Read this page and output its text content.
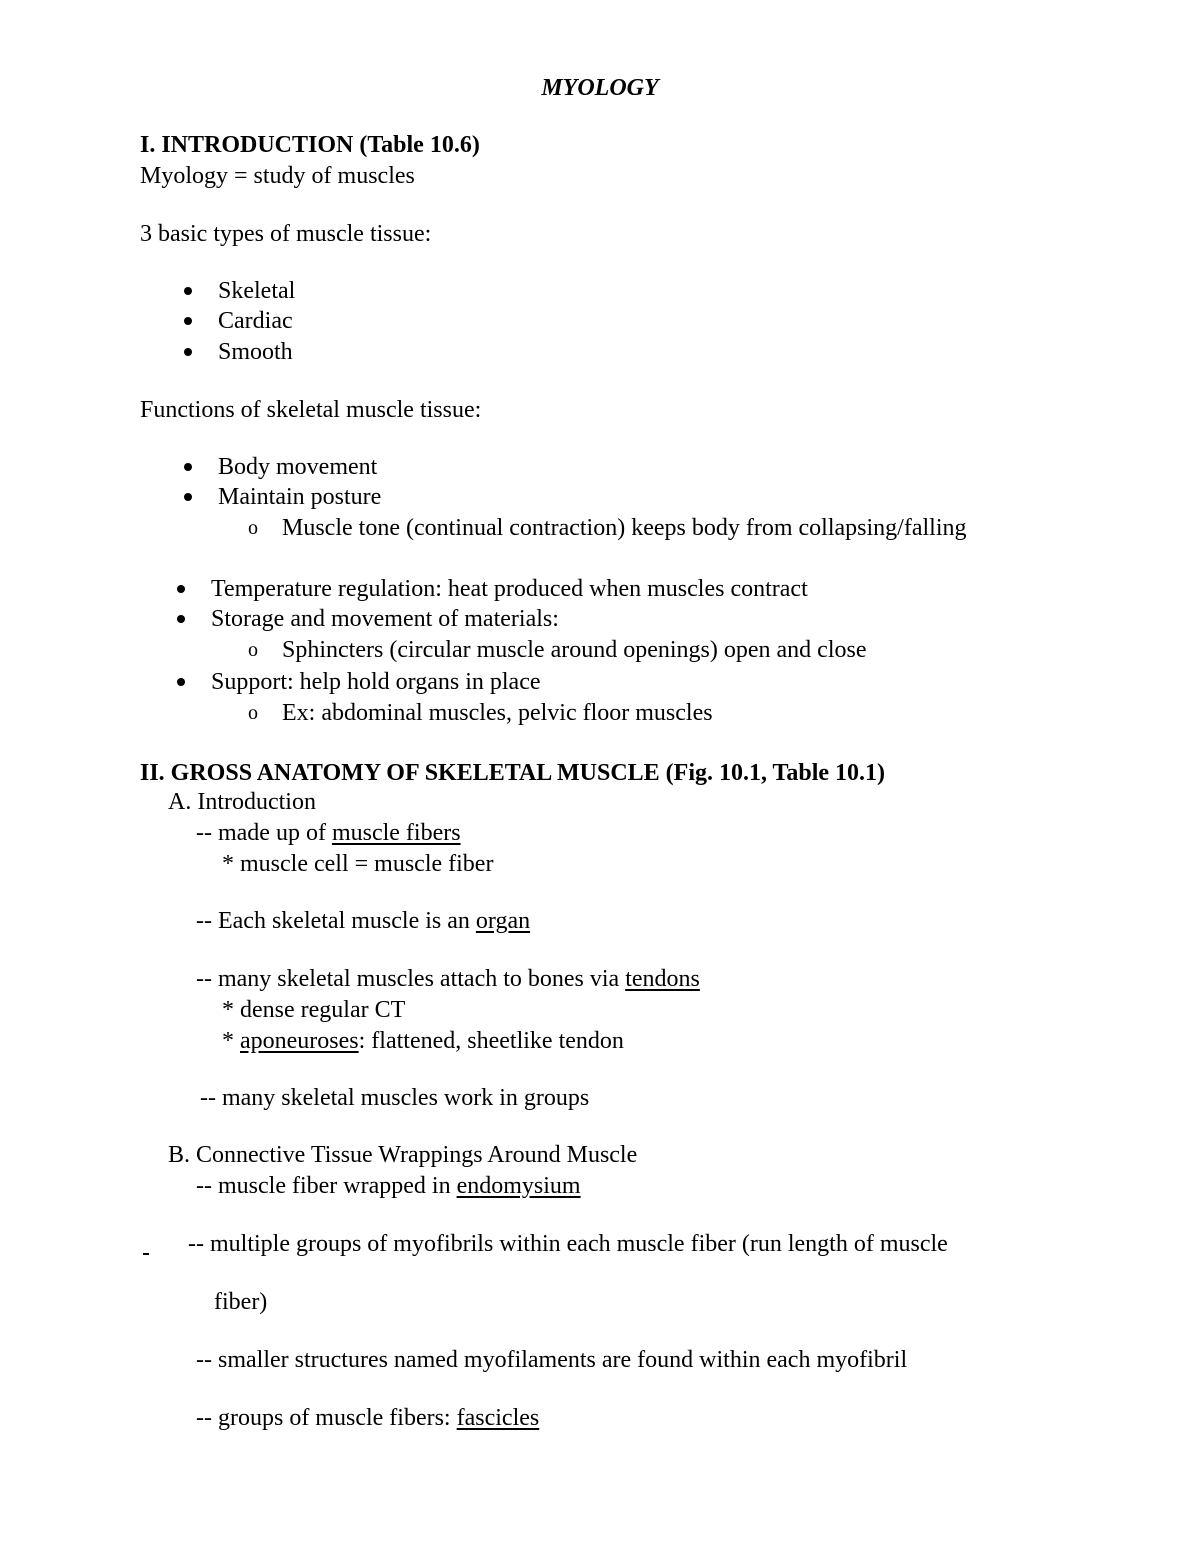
MYOLOGY
I. INTRODUCTION (Table 10.6)
Myology = study of muscles
3 basic types of muscle tissue:
Skeletal
Cardiac
Smooth
Functions of skeletal muscle tissue:
Body movement
Maintain posture
o Muscle tone (continual contraction) keeps body from collapsing/falling
Temperature regulation: heat produced when muscles contract
Storage and movement of materials:
o Sphincters (circular muscle around openings) open and close
Support: help hold organs in place
o Ex: abdominal muscles, pelvic floor muscles
II. GROSS ANATOMY OF SKELETAL MUSCLE (Fig. 10.1, Table 10.1)
A. Introduction
-- made up of muscle fibers
* muscle cell = muscle fiber
-- Each skeletal muscle is an organ
-- many skeletal muscles attach to bones via tendons
* dense regular CT
* aponeuroses: flattened, sheetlike tendon
-- many skeletal muscles work in groups
B. Connective Tissue Wrappings Around Muscle
-- muscle fiber wrapped in endomysium
-- multiple groups of myofibrils within each muscle fiber (run length of muscle
fiber)
-- smaller structures named myofilaments are found within each myofibril
-- groups of muscle fibers: fascicles
